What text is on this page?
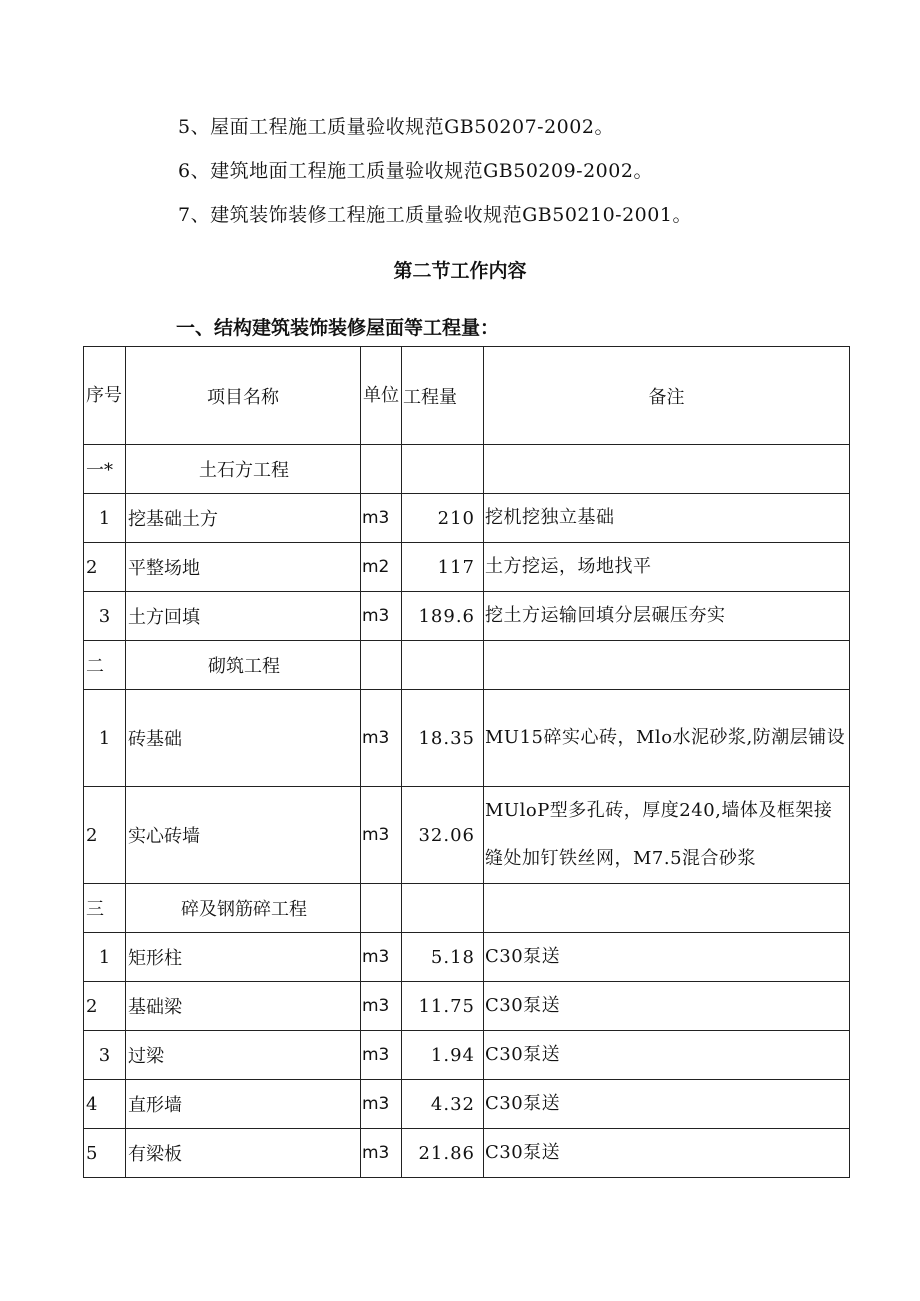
5、屋面工程施工质量验收规范GB50207-2002。
6、建筑地面工程施工质量验收规范GB50209-2002。
7、建筑装饰装修工程施工质量验收规范GB50210-2001。
第二节工作内容
一、结构建筑装饰装修屋面等工程量：
序号	项目名称	单位	工程量	备注
一*	土石方工程			
1	挖基础土方	m3	210	挖机挖独立基础
2	平整场地	m2	117	土方挖运，场地找平
3	土方回填	m3	189.6	挖土方运输回填分层碾压夯实
二	砌筑工程			
1	砖基础	m3	18.35	MU15碎实心砖，Mlo水泥砂浆,防潮层铺设
2	实心砖墙	m3	32.06	MUloP型多孔砖，厚度240,墙体及框架接缝处加钉铁丝网，M7.5混合砂浆
三	碎及钢筋碎工程			
1	矩形柱	m3	5.18	C30泵送
2	基础梁	m3	11.75	C30泵送
3	过梁	m3	1.94	C30泵送
4	直形墙	m3	4.32	C30泵送
5	有梁板	m3	21.86	C30泵送
